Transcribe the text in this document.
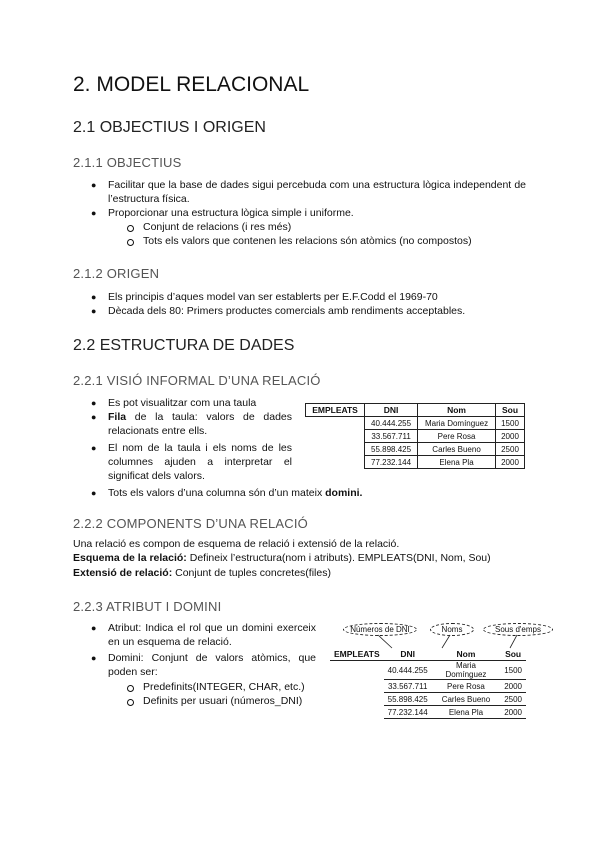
2. MODEL RELACIONAL
2.1 OBJECTIUS I ORIGEN
2.1.1 OBJECTIUS
● Facilitar que la base de dades sigui percebuda com una estructura lògica independent de l’estructura física.
● Proporcionar una estructura lògica simple i uniforme.
Conjunt de relacions (i res més)
Tots els valors que contenen les relacions són atòmics (no compostos)
2.1.2 ORIGEN
● Els principis d’aques model van ser establerts per E.F.Codd el 1969-70
● Dècada dels 80: Primers productes comercials amb rendiments acceptables.
2.2 ESTRUCTURA DE DADES
2.2.1 VISIÓ INFORMAL D’UNA RELACIÓ
● Es pot visualitzar com una taula
● Fila de la taula: valors de dades relacionats entre ells.
● El nom de la taula i els noms de les columnes ajuden a interpretar el significat dels valors.
● Tots els valors d’una columna són d’un mateix domini.
EMPLEATS	DNI	Nom	Sou
	40.444.255	Maria Domínguez	1500
	33.567.711	Pere Rosa	2000
	55.898.425	Carles Bueno	2500
	77.232.144	Elena Pla	2000
2.2.2 COMPONENTS D’UNA RELACIÓ
Una relació es compon de esquema de relació i extensió de la relació.
Esquema de la relació: Defineix l’estructura(nom i atributs). EMPLEATS(DNI, Nom, Sou)
Extensió de relació: Conjunt de tuples concretes(files)
2.2.3 ATRIBUT I DOMINI
● Atribut: Indica el rol que un domini exerceix en un esquema de relació.
● Domini: Conjunt de valors atòmics, que poden ser:
Predefinits(INTEGER, CHAR, etc.)
Definits per usuari (números_DNI)
Números de DNI	Noms	Sous d'emps
EMPLEATS	DNI	Nom	Sou
	40.444.255	Maria Domínguez	1500
	33.567.711	Pere Rosa	2000
	55.898.425	Carles Bueno	2500
	77.232.144	Elena Pla	2000
